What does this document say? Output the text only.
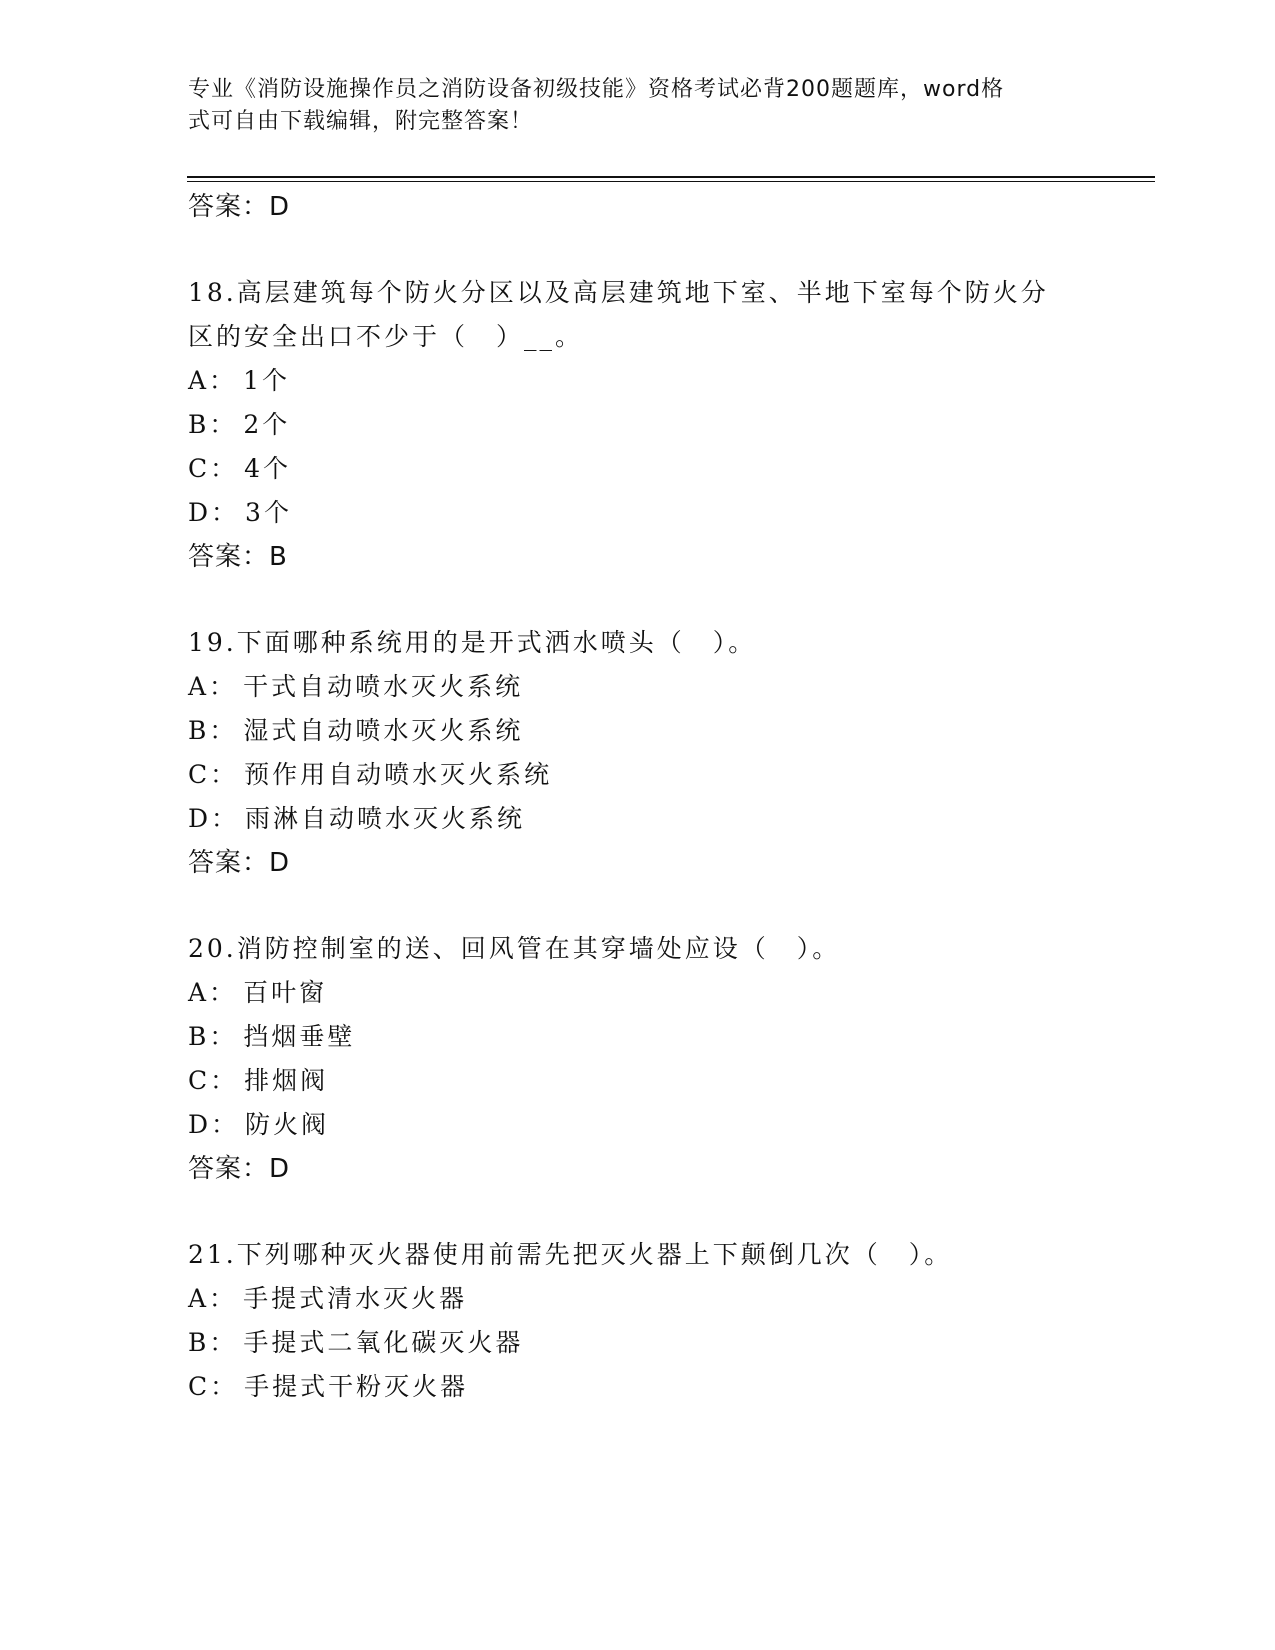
专业《消防设施操作员之消防设备初级技能》资格考试必背200题题库，word格
式可自由下载编辑，附完整答案！
答案：D
18.高层建筑每个防火分区以及高层建筑地下室、半地下室每个防火分
区的安全出口不少于（　）__。
A： 1个
B： 2个
C： 4个
D： 3个
答案：B
19.下面哪种系统用的是开式洒水喷头（　）。
A： 干式自动喷水灭火系统
B： 湿式自动喷水灭火系统
C： 预作用自动喷水灭火系统
D： 雨淋自动喷水灭火系统
答案：D
20.消防控制室的送、回风管在其穿墙处应设（　）。
A： 百叶窗
B： 挡烟垂壁
C： 排烟阀
D： 防火阀
答案：D
21.下列哪种灭火器使用前需先把灭火器上下颠倒几次（　）。
A： 手提式清水灭火器
B： 手提式二氧化碳灭火器
C： 手提式干粉灭火器
